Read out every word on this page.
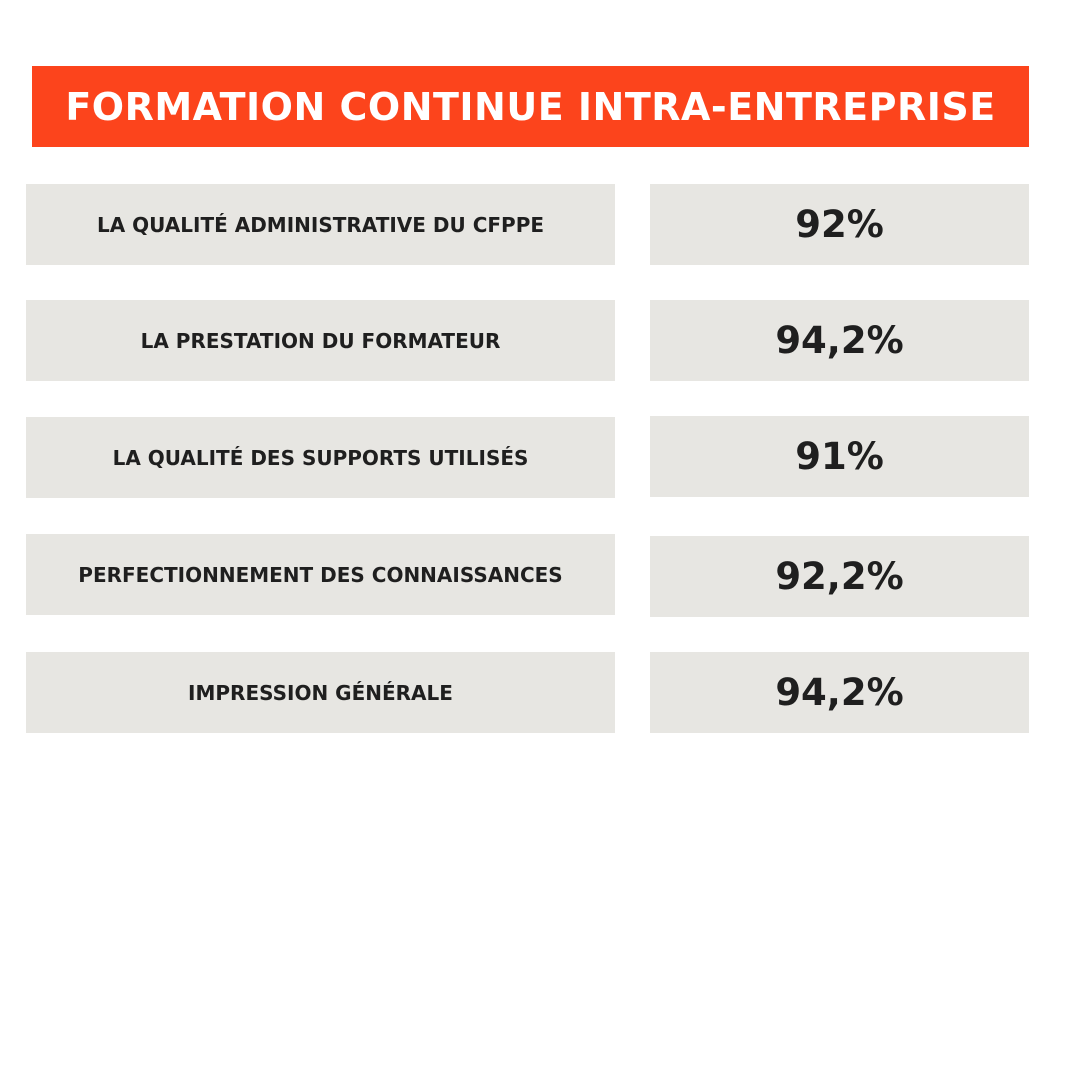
FORMATION CONTINUE INTRA-ENTREPRISE
LA QUALITÉ ADMINISTRATIVE DU CFPPE	92%
LA PRESTATION DU FORMATEUR	94,2%
LA QUALITÉ DES SUPPORTS UTILISÉS	91%
PERFECTIONNEMENT DES CONNAISSANCES	92,2%
IMPRESSION GÉNÉRALE	94,2%
